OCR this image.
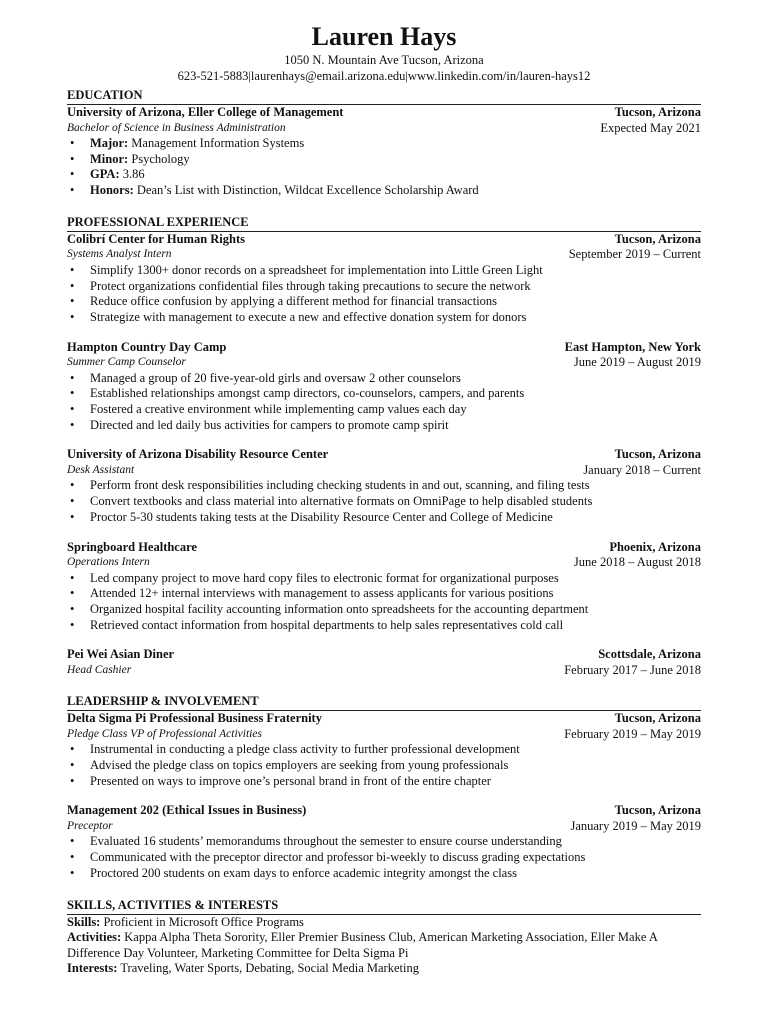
Lauren Hays
1050 N. Mountain Ave Tucson, Arizona
623-521-5883|laurenhays@email.arizona.edu|www.linkedin.com/in/lauren-hays12
EDUCATION
University of Arizona, Eller College of Management	Tucson, Arizona
Bachelor of Science in Business Administration	Expected May 2021
• Major: Management Information Systems
• Minor: Psychology
• GPA: 3.86
• Honors: Dean’s List with Distinction, Wildcat Excellence Scholarship Award
PROFESSIONAL EXPERIENCE
Colibrí Center for Human Rights	Tucson, Arizona
Systems Analyst Intern	September 2019 – Current
• Simplify 1300+ donor records on a spreadsheet for implementation into Little Green Light
• Protect organizations confidential files through taking precautions to secure the network
• Reduce office confusion by applying a different method for financial transactions
• Strategize with management to execute a new and effective donation system for donors
Hampton Country Day Camp	East Hampton, New York
Summer Camp Counselor	June 2019 – August 2019
• Managed a group of 20 five-year-old girls and oversaw 2 other counselors
• Established relationships amongst camp directors, co-counselors, campers, and parents
• Fostered a creative environment while implementing camp values each day
• Directed and led daily bus activities for campers to promote camp spirit
University of Arizona Disability Resource Center	Tucson, Arizona
Desk Assistant	January 2018 – Current
• Perform front desk responsibilities including checking students in and out, scanning, and filing tests
• Convert textbooks and class material into alternative formats on OmniPage to help disabled students
• Proctor 5-30 students taking tests at the Disability Resource Center and College of Medicine
Springboard Healthcare	Phoenix, Arizona
Operations Intern	June 2018 – August 2018
• Led company project to move hard copy files to electronic format for organizational purposes
• Attended 12+ internal interviews with management to assess applicants for various positions
• Organized hospital facility accounting information onto spreadsheets for the accounting department
• Retrieved contact information from hospital departments to help sales representatives cold call
Pei Wei Asian Diner	Scottsdale, Arizona
Head Cashier	February 2017 – June 2018
LEADERSHIP & INVOLVEMENT
Delta Sigma Pi Professional Business Fraternity	Tucson, Arizona
Pledge Class VP of Professional Activities	February 2019 – May 2019
• Instrumental in conducting a pledge class activity to further professional development
• Advised the pledge class on topics employers are seeking from young professionals
• Presented on ways to improve one’s personal brand in front of the entire chapter
Management 202 (Ethical Issues in Business)	Tucson, Arizona
Preceptor	January 2019 – May 2019
• Evaluated 16 students’ memorandums throughout the semester to ensure course understanding
• Communicated with the preceptor director and professor bi-weekly to discuss grading expectations
• Proctored 200 students on exam days to enforce academic integrity amongst the class
SKILLS, ACTIVITIES & INTERESTS
Skills: Proficient in Microsoft Office Programs
Activities: Kappa Alpha Theta Sorority, Eller Premier Business Club, American Marketing Association, Eller Make A Difference Day Volunteer, Marketing Committee for Delta Sigma Pi
Interests: Traveling, Water Sports, Debating, Social Media Marketing
